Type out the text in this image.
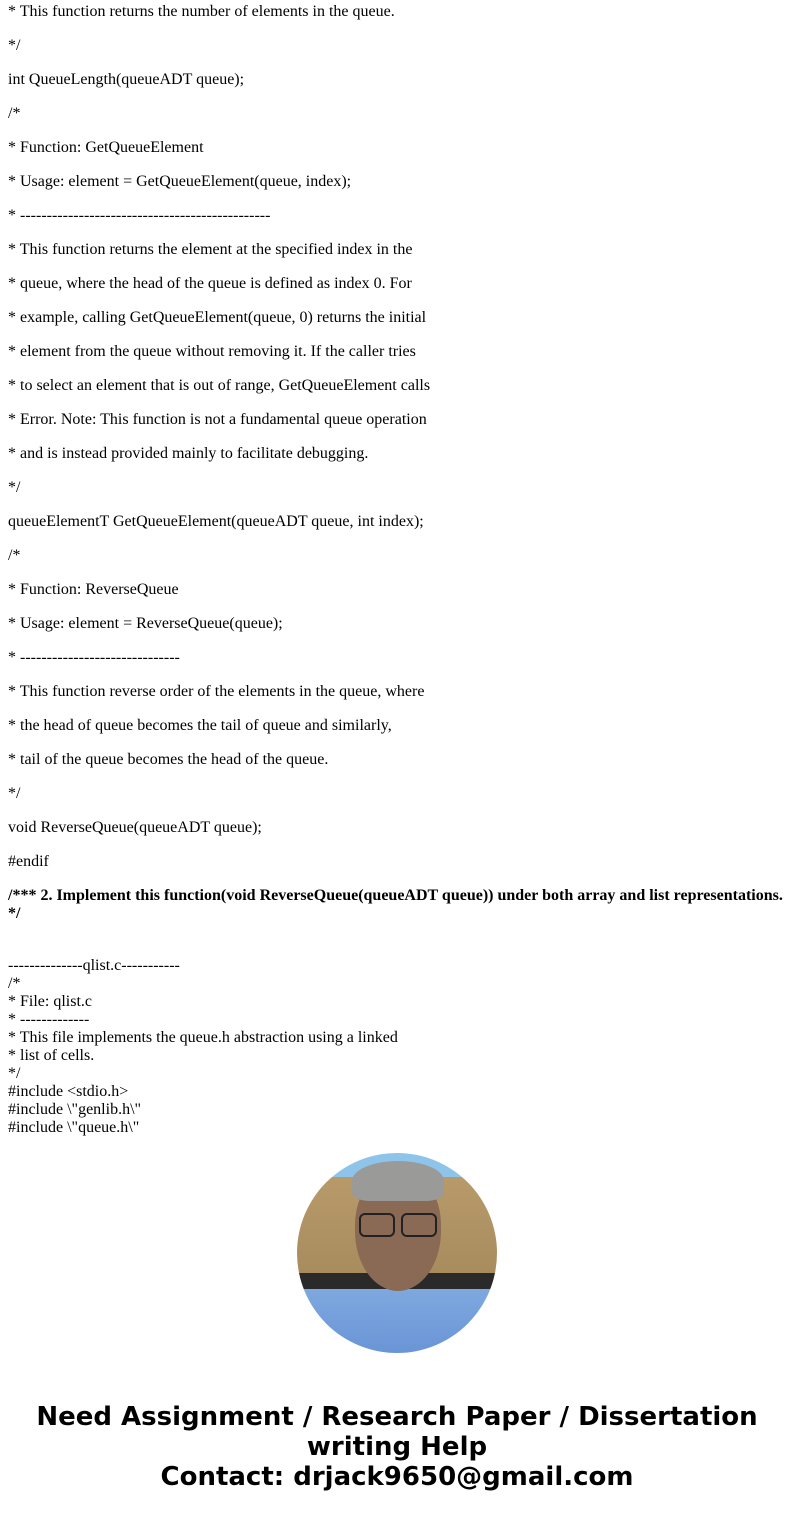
* This function returns the number of elements in the queue.

*/

int QueueLength(queueADT queue);

/*

* Function: GetQueueElement

* Usage: element = GetQueueElement(queue, index);

* -----------------------------------------------

* This function returns the element at the specified index in the

* queue, where the head of the queue is defined as index 0. For

* example, calling GetQueueElement(queue, 0) returns the initial

* element from the queue without removing it. If the caller tries

* to select an element that is out of range, GetQueueElement calls

* Error. Note: This function is not a fundamental queue operation

* and is instead provided mainly to facilitate debugging.

*/

queueElementT GetQueueElement(queueADT queue, int index);

/*

* Function: ReverseQueue

* Usage: element = ReverseQueue(queue);

* ------------------------------

* This function reverse order of the elements in the queue, where

* the head of queue becomes the tail of queue and similarly,

* tail of the queue becomes the head of the queue.

*/

void ReverseQueue(queueADT queue);

#endif

/*** 2. Implement this function(void ReverseQueue(queueADT queue)) under both array and list representations. */

--------------qlist.c-----------
/*
* File: qlist.c
* -------------
* This file implements the queue.h abstraction using a linked
* list of cells.
*/
#include <stdio.h>
#include \"genlib.h\"
#include \"queue.h\"
Need Assignment / Research Paper / Dissertation writing Help
Contact: drjack9650@gmail.com
